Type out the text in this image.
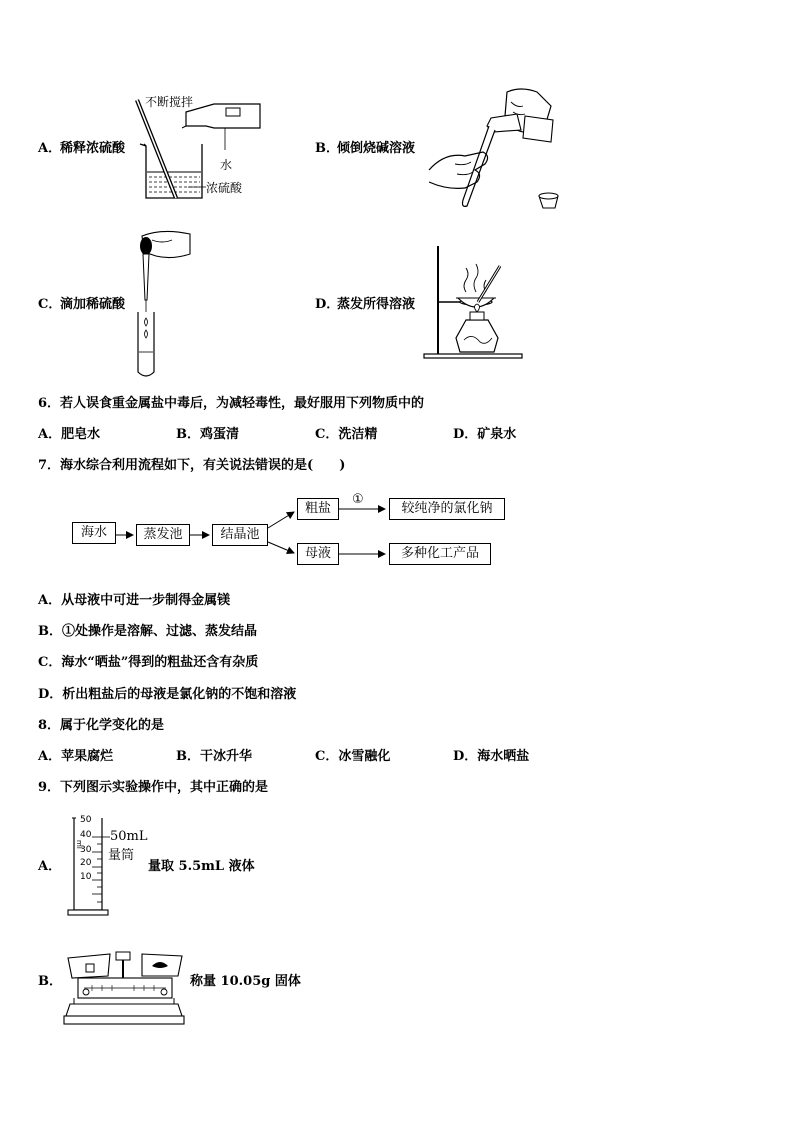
A．
稀释浓硫酸
不断搅拌
水
浓硫酸
B．
倾倒烧碱溶液
C．
滴加稀硫酸	D．
蒸发所得溶液
6．若人误食重金属盐中毒后，为减轻毒性，最好服用下列物质中的
A．肥皂水	B．鸡蛋清	C．洗洁精	D．矿泉水
7．海水综合利用流程如下，有关说法错误的是(　　)
海水	蒸发池	结晶池
粗盐
母液
较纯净的氯化钠
多种化工产品
①
A．从母液中可进一步制得金属镁
B．①处操作是溶解、过滤、蒸发结晶
C．海水“晒盐”得到的粗盐还含有杂质
D．析出粗盐后的母液是氯化钠的不饱和溶液
8．属于化学变化的是
A．苹果腐烂	B．干冰升华	C．冰雪融化	D．海水晒盐
9．下列图示实验操作中，其中正确的是
A．
50
40
30
20
10
ml
50mL
量筒
量取 5.5mL 液体
B．	称量 10.05g 固体
